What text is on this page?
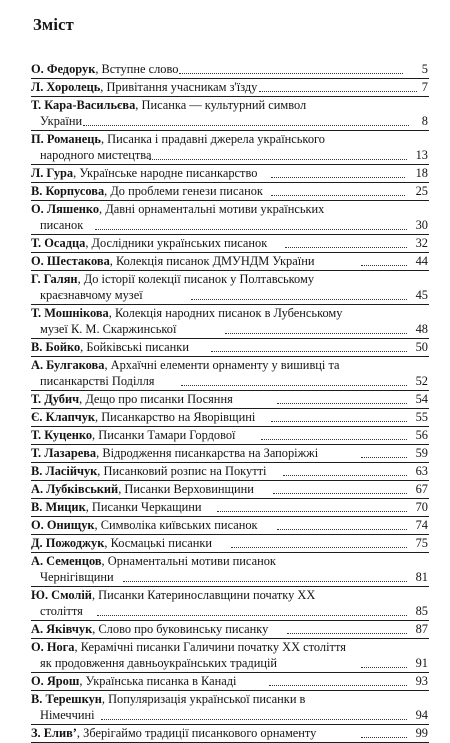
Зміст
О. Федорук, Вступне слово	5
Л. Хоролець, Привітання учасникам з'їзду	7
Т. Кара-Васильєва, Писанка — культурний символ
України	8
П. Романець, Писанка і прадавні джерела українського
народного мистецтва	13
Л. Гура, Українське народне писанкарство	18
В. Корпусова, До проблеми генези писанок	25
О. Ляшенко, Давні орнаментальні мотиви українських
писанок	30
Т. Осадца, Дослідники українських писанок	32
О. Шестакова, Колекція писанок ДМУНДМ України	44
Г. Галян, До історії колекції писанок у Полтавському
краєзнавчому музеї	45
Т. Мошнікова, Колекція народних писанок в Лубенському
музеї К. М. Скаржинської	48
В. Бойко, Бойківські писанки	50
А. Булгакова, Архаїчні елементи орнаменту у вишивці та
писанкарстві Поділля	52
Т. Дубич, Дещо про писанки Посяння	54
Є. Клапчук, Писанкарство на Яворівщині	55
Т. Куценко, Писанки Тамари Гордової	56
Т. Лазарева, Відродження писанкарства на Запоріжжі	59
В. Ласійчук, Писанковий розпис на Покутті	63
А. Лубківський, Писанки Верховинщини	67
В. Мицик, Писанки Черкащини	70
О. Онищук, Символіка київських писанок	74
Д. Пожоджук, Космацькі писанки	75
А. Семенцов, Орнаментальні мотиви писанок
Чернігівщини	81
Ю. Смолій, Писанки Катеринославщини початку XX
століття	85
А. Яківчук, Слово про буковинську писанку	87
О. Нога, Керамічні писанки Галичини початку XX століття
як продовження давньоукраїнських традицій	91
О. Ярош, Українська писанка в Канаді	93
В. Терешкун, Популяризація української писанки в
Німеччині	94
З. Еливʼ, Зберігаймо традиції писанкового орнаменту	99
